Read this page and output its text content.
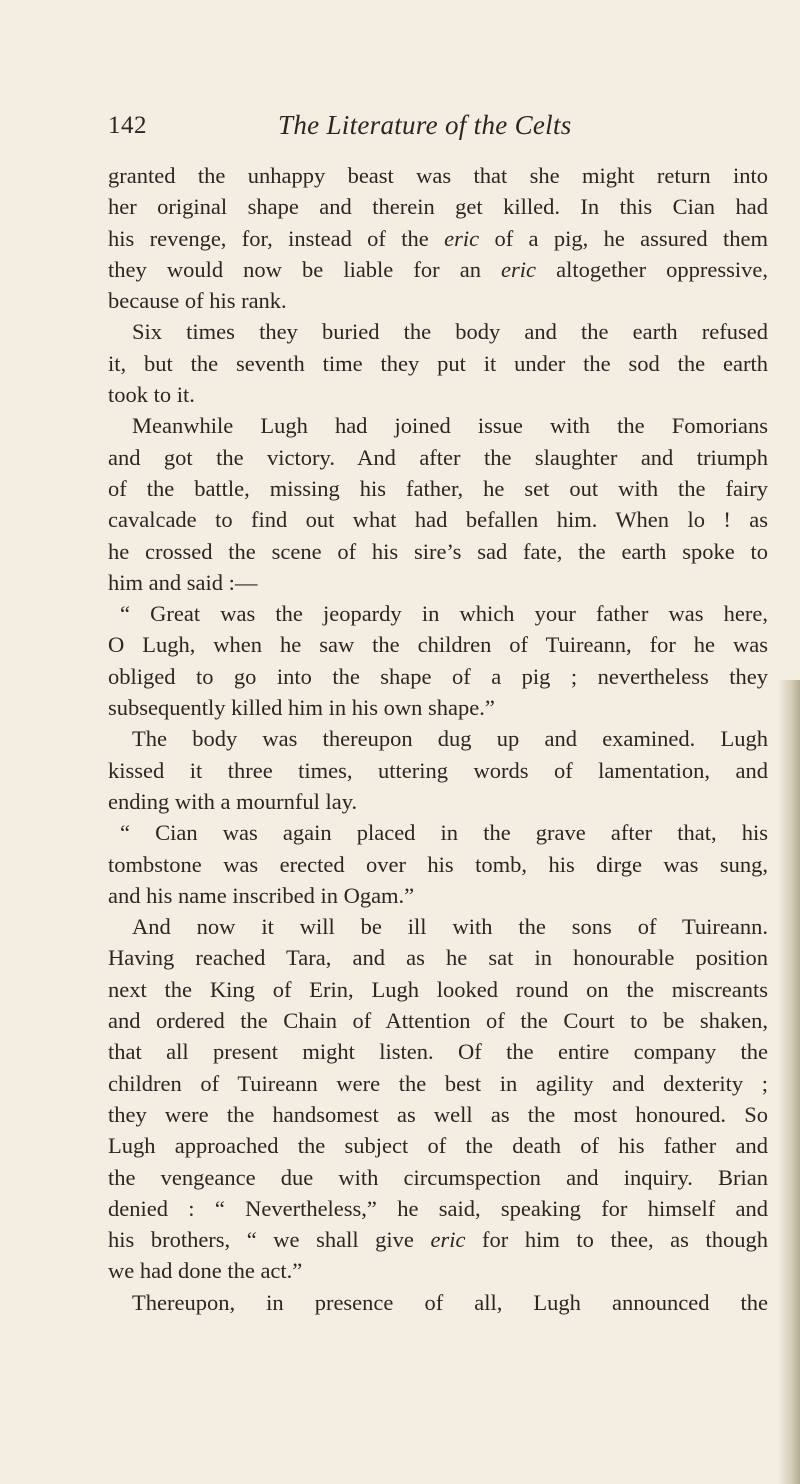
142	The Literature of the Celts
granted the unhappy beast was that she might return into
her original shape and therein get killed. In this Cian had
his revenge, for, instead of the eric of a pig, he assured them
they would now be liable for an eric altogether oppressive,
because of his rank.
Six times they buried the body and the earth refused
it, but the seventh time they put it under the sod the earth
took to it.
Meanwhile Lugh had joined issue with the Fomorians
and got the victory. And after the slaughter and triumph
of the battle, missing his father, he set out with the fairy
cavalcade to find out what had befallen him. When lo ! as
he crossed the scene of his sire’s sad fate, the earth spoke to
him and said :—
“ Great was the jeopardy in which your father was here,
O Lugh, when he saw the children of Tuireann, for he was
obliged to go into the shape of a pig ; nevertheless they
subsequently killed him in his own shape.”
The body was thereupon dug up and examined. Lugh
kissed it three times, uttering words of lamentation, and
ending with a mournful lay.
“ Cian was again placed in the grave after that, his
tombstone was erected over his tomb, his dirge was sung,
and his name inscribed in Ogam.”
And now it will be ill with the sons of Tuireann.
Having reached Tara, and as he sat in honourable position
next the King of Erin, Lugh looked round on the miscreants
and ordered the Chain of Attention of the Court to be shaken,
that all present might listen. Of the entire company the
children of Tuireann were the best in agility and dexterity ;
they were the handsomest as well as the most honoured. So
Lugh approached the subject of the death of his father and
the vengeance due with circumspection and inquiry. Brian
denied : “ Nevertheless,” he said, speaking for himself and
his brothers, “ we shall give eric for him to thee, as though
we had done the act.”
Thereupon, in presence of all, Lugh announced the
